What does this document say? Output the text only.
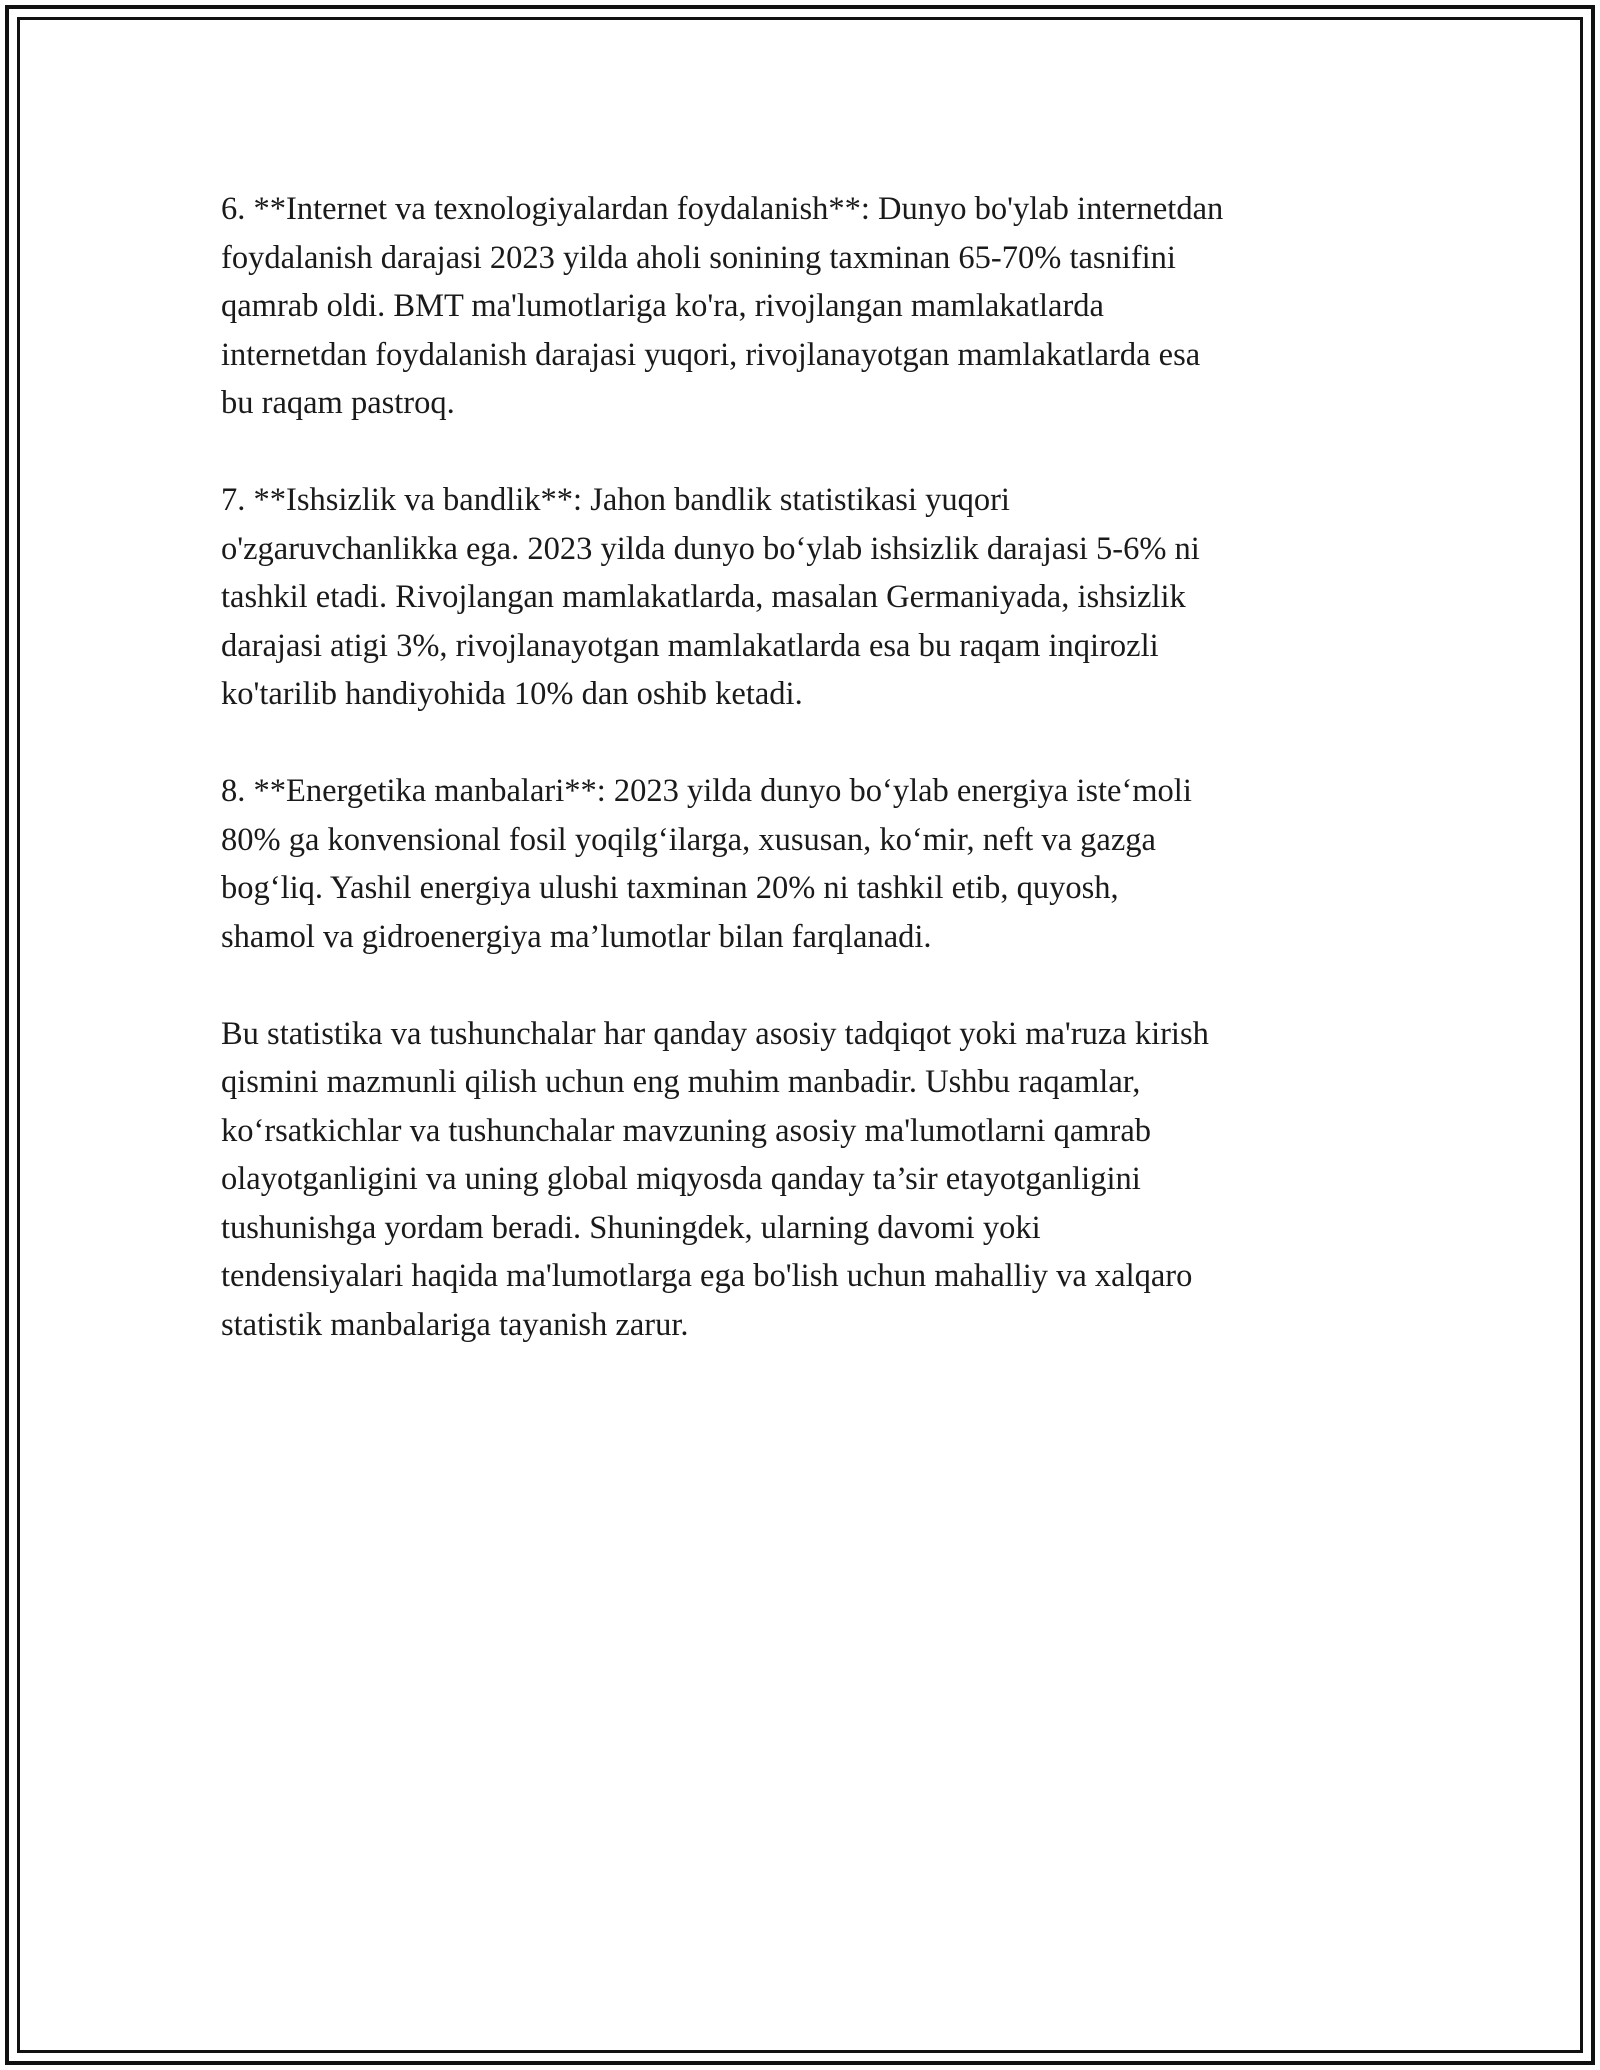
6. **Internet va texnologiyalardan foydalanish**: Dunyo bo'ylab internetdan
foydalanish darajasi 2023 yilda aholi sonining taxminan 65-70% tasnifini
qamrab oldi. BMT ma'lumotlariga ko'ra, rivojlangan mamlakatlarda
internetdan foydalanish darajasi yuqori, rivojlanayotgan mamlakatlarda esa
bu raqam pastroq.

7. **Ishsizlik va bandlik**: Jahon bandlik statistikasi yuqori
o'zgaruvchanlikka ega. 2023 yilda dunyo bo‘ylab ishsizlik darajasi 5-6% ni
tashkil etadi. Rivojlangan mamlakatlarda, masalan Germaniyada, ishsizlik
darajasi atigi 3%, rivojlanayotgan mamlakatlarda esa bu raqam inqirozli
ko'tarilib handiyohida 10% dan oshib ketadi.

8. **Energetika manbalari**: 2023 yilda dunyo bo‘ylab energiya iste‘moli
80% ga konvensional fosil yoqilg‘ilarga, xususan, ko‘mir, neft va gazga
bog‘liq. Yashil energiya ulushi taxminan 20% ni tashkil etib, quyosh,
shamol va gidroenergiya ma’lumotlar bilan farqlanadi.

Bu statistika va tushunchalar har qanday asosiy tadqiqot yoki ma'ruza kirish
qismini mazmunli qilish uchun eng muhim manbadir. Ushbu raqamlar,
ko‘rsatkichlar va tushunchalar mavzuning asosiy ma'lumotlarni qamrab
olayotganligini va uning global miqyosda qanday ta’sir etayotganligini
tushunishga yordam beradi. Shuningdek, ularning davomi yoki
tendensiyalari haqida ma'lumotlarga ega bo'lish uchun mahalliy va xalqaro
statistik manbalariga tayanish zarur.
